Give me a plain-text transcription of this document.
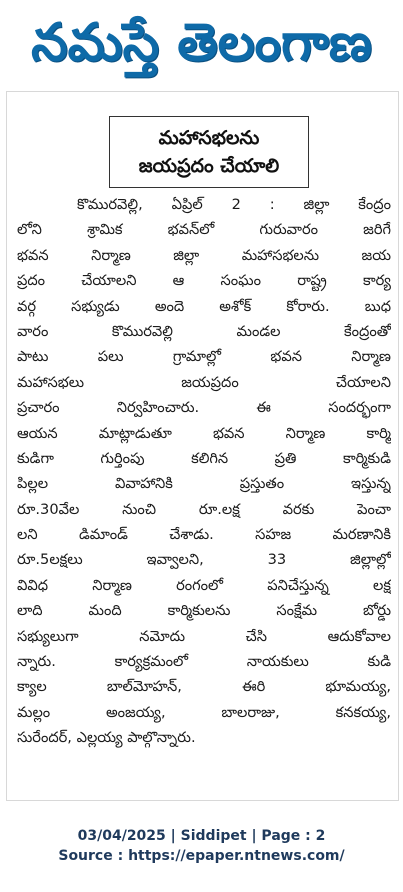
నమస్తే తెలంగాణ
మహాసభలను
జయప్రదం చేయాలి
కొమురవెల్లి, ఏప్రిల్ 2 : జిల్లా కేంద్రం
లోని శ్రామిక భవన్‌లో గురువారం జరిగే
భవన నిర్మాణ జిల్లా మహాసభలను జయ
ప్రదం చేయాలని ఆ సంఘం రాష్ట్ర కార్య
వర్గ సభ్యుడు అందె అశోక్ కోరారు. బుధ
వారం కొమురవెల్లి మండల కేంద్రంతో
పాటు పలు గ్రామాల్లో భవన నిర్మాణ
మహాసభలు జయప్రదం చేయాలని
ప్రచారం నిర్వహించారు. ఈ సందర్భంగా
ఆయన మాట్లాడుతూ భవన నిర్మాణ కార్మి
కుడిగా గుర్తింపు కలిగిన ప్రతి కార్మికుడి
పిల్లల వివాహానికి ప్రస్తుతం ఇస్తున్న
రూ.30వేల నుంచి రూ.లక్ష వరకు పెంచా
లని డిమాండ్ చేశాడు. సహజ మరణానికి
రూ.5లక్షలు ఇవ్వాలని, 33 జిల్లాల్లో
వివిధ నిర్మాణ రంగంలో పనిచేస్తున్న లక్ష
లాది మంది కార్మికులను సంక్షేమ బోర్డు
సభ్యులుగా నమోదు చేసి ఆదుకోవాల
న్నారు. కార్యక్రమంలో నాయకులు కుడి
క్యాల బాల్‌మోహన్, ఈరి భూమయ్య,
మల్లం అంజయ్య, బాలరాజు, కనకయ్య,
సురేందర్, ఎల్లయ్య పాల్గొన్నారు.
03/04/2025 | Siddipet | Page : 2
Source : https://epaper.ntnews.com/
